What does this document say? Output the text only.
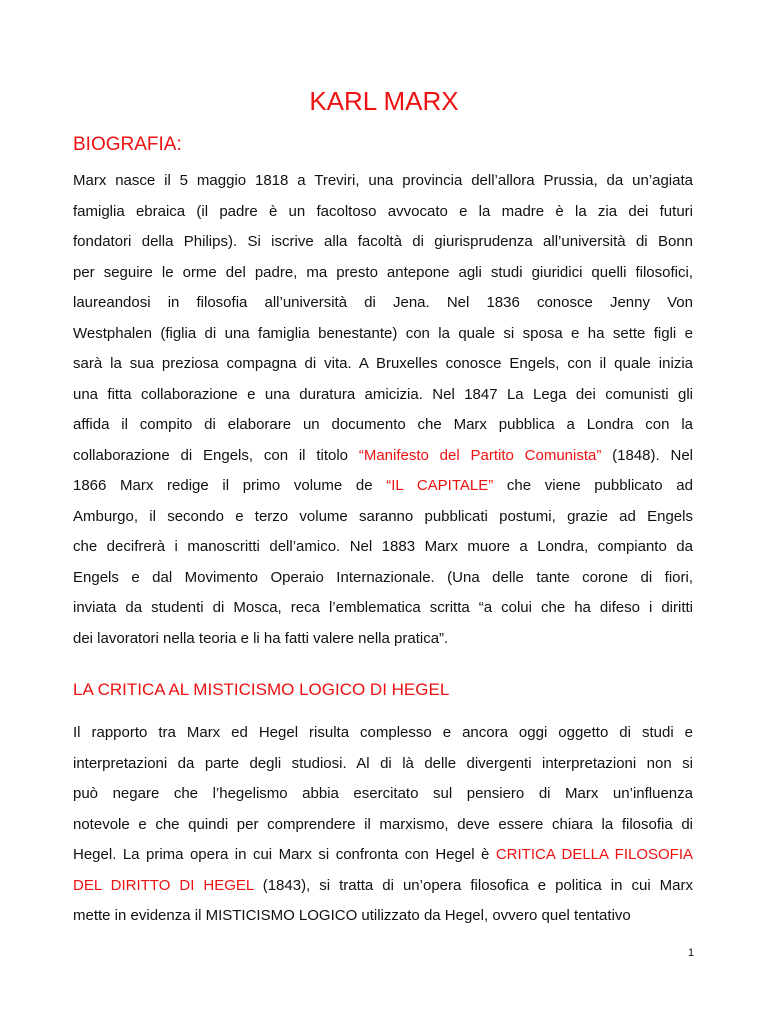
KARL MARX
BIOGRAFIA:
Marx nasce il 5 maggio 1818 a Treviri, una provincia dell’allora Prussia, da un’agiata
famiglia ebraica (il padre è un facoltoso avvocato e la madre è la zia dei futuri
fondatori della Philips). Si iscrive alla facoltà di giurisprudenza all’università di Bonn
per seguire le orme del padre, ma presto antepone agli studi giuridici quelli filosofici,
laureandosi in filosofia all’università di Jena. Nel 1836 conosce Jenny Von
Westphalen (figlia di una famiglia benestante) con la quale si sposa e ha sette figli e
sarà la sua preziosa compagna di vita. A Bruxelles conosce Engels, con il quale inizia
una fitta collaborazione e una duratura amicizia. Nel 1847 La Lega dei comunisti gli
affida il compito di elaborare un documento che Marx pubblica a Londra con la
collaborazione di Engels, con il titolo “Manifesto del Partito Comunista” (1848). Nel
1866 Marx redige il primo volume de “IL CAPITALE” che viene pubblicato ad
Amburgo, il secondo e terzo volume saranno pubblicati postumi, grazie ad Engels
che decifrerà i manoscritti dell’amico. Nel 1883 Marx muore a Londra, compianto da
Engels e dal Movimento Operaio Internazionale. (Una delle tante corone di fiori,
inviata da studenti di Mosca, reca l’emblematica scritta “a colui che ha difeso i diritti
dei lavoratori nella teoria e li ha fatti valere nella pratica”.
LA CRITICA AL MISTICISMO LOGICO DI HEGEL
Il rapporto tra Marx ed Hegel risulta complesso e ancora oggi oggetto di studi e
interpretazioni da parte degli studiosi. Al di là delle divergenti interpretazioni non si
può negare che l’hegelismo abbia esercitato sul pensiero di Marx un’influenza
notevole e che quindi per comprendere il marxismo, deve essere chiara la filosofia di
Hegel. La prima opera in cui Marx si confronta con Hegel è CRITICA DELLA FILOSOFIA
DEL DIRITTO DI HEGEL (1843), si tratta di un’opera filosofica e politica in cui Marx
mette in evidenza il MISTICISMO LOGICO utilizzato da Hegel, ovvero quel tentativo
1
